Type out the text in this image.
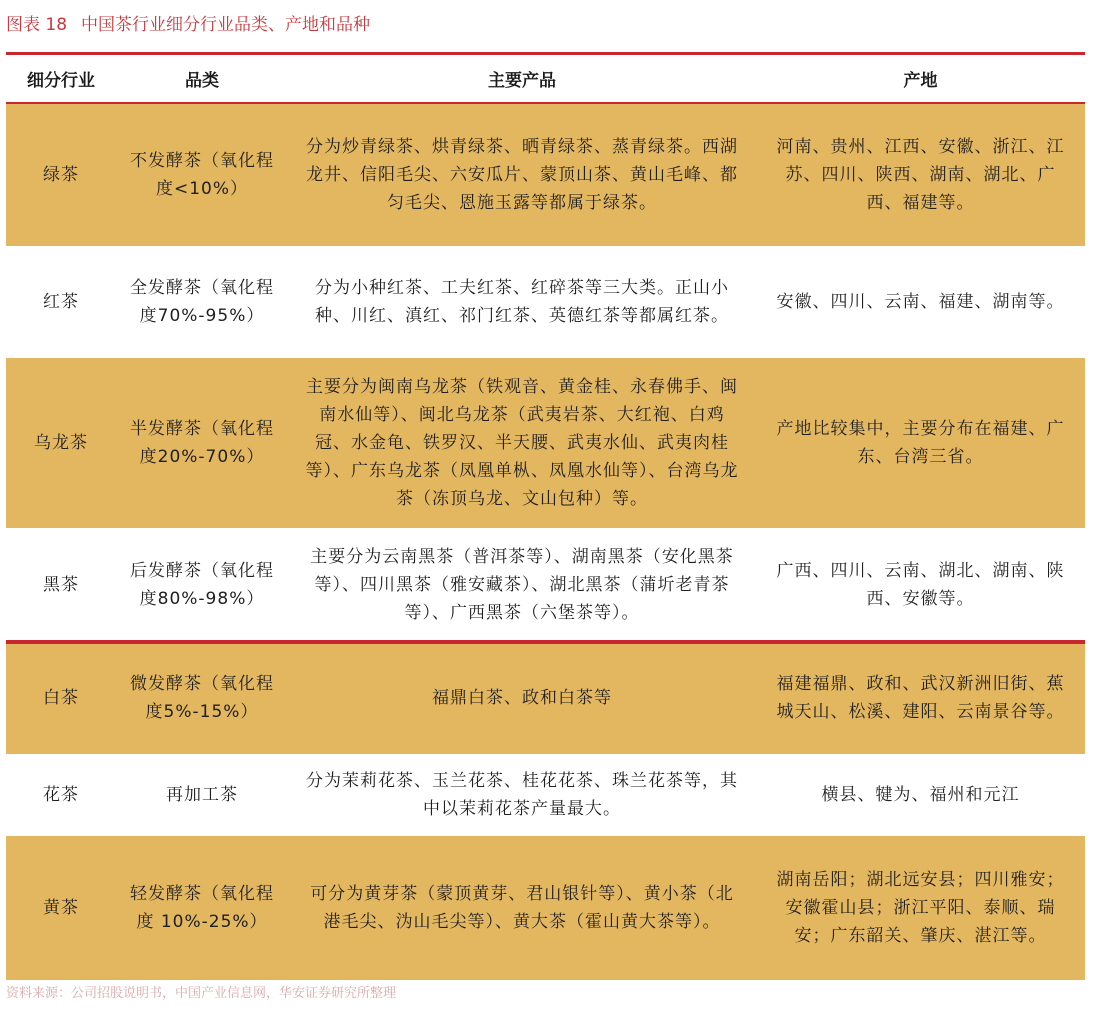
图表 18 中国茶行业细分行业品类、产地和品种
细分行业	品类	主要产品	产地

绿茶	不发酵茶（氧化程度<10%）	分为炒青绿茶、烘青绿茶、晒青绿茶、蒸青绿茶。西湖龙井、信阳毛尖、六安瓜片、蒙顶山茶、黄山毛峰、都匀毛尖、恩施玉露等都属于绿茶。	河南、贵州、江西、安徽、浙江、江苏、四川、陕西、湖南、湖北、广西、福建等。

红茶	全发酵茶（氧化程度70%-95%）	分为小种红茶、工夫红茶、红碎茶等三大类。正山小种、川红、滇红、祁门红茶、英德红茶等都属红茶。	安徽、四川、云南、福建、湖南等。

乌龙茶	半发酵茶（氧化程度20%-70%）	主要分为闽南乌龙茶（铁观音、黄金桂、永春佛手、闽南水仙等）、闽北乌龙茶（武夷岩茶、大红袍、白鸡冠、水金龟、铁罗汉、半天腰、武夷水仙、武夷肉桂等）、广东乌龙茶（凤凰单枞、凤凰水仙等）、台湾乌龙茶（冻顶乌龙、文山包种）等。	产地比较集中，主要分布在福建、广东、台湾三省。

黑茶	后发酵茶（氧化程度80%-98%）	主要分为云南黑茶（普洱茶等）、湖南黑茶（安化黑茶等）、四川黑茶（雅安藏茶）、湖北黑茶（蒲圻老青茶等）、广西黑茶（六堡茶等）。	广西、四川、云南、湖北、湖南、陕西、安徽等。

白茶	微发酵茶（氧化程度5%-15%）	福鼎白茶、政和白茶等	福建福鼎、政和、武汉新洲旧街、蕉城天山、松溪、建阳、云南景谷等。

花茶	再加工茶	分为茉莉花茶、玉兰花茶、桂花花茶、珠兰花茶等，其中以茉莉花茶产量最大。	横县、犍为、福州和元江

黄茶	轻发酵茶（氧化程度 10%-25%）	可分为黄芽茶（蒙顶黄芽、君山银针等）、黄小茶（北港毛尖、沩山毛尖等）、黄大茶（霍山黄大茶等）。	湖南岳阳；湖北远安县；四川雅安；安徽霍山县；浙江平阳、泰顺、瑞安；广东韶关、肇庆、湛江等。
资料来源：公司招股说明书，中国产业信息网，华安证券研究所整理
